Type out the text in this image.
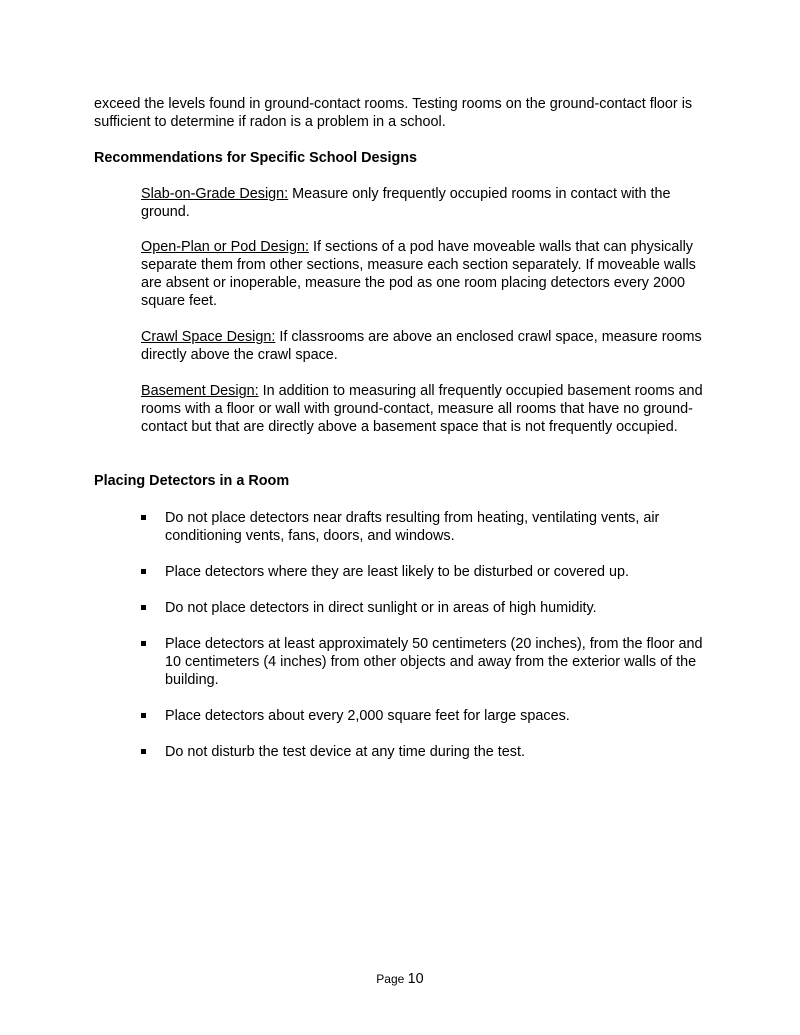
exceed the levels found in ground-contact rooms. Testing rooms on the ground-contact floor is sufficient to determine if radon is a problem in a school.

Recommendations for Specific School Designs

Slab-on-Grade Design: Measure only frequently occupied rooms in contact with the ground.

Open-Plan or Pod Design: If sections of a pod have moveable walls that can physically separate them from other sections, measure each section separately. If moveable walls are absent or inoperable, measure the pod as one room placing detectors every 2000 square feet.

Crawl Space Design: If classrooms are above an enclosed crawl space, measure rooms directly above the crawl space.

Basement Design: In addition to measuring all frequently occupied basement rooms and rooms with a floor or wall with ground-contact, measure all rooms that have no ground-contact but that are directly above a basement space that is not frequently occupied.

Placing Detectors in a Room

Do not place detectors near drafts resulting from heating, ventilating vents, air conditioning vents, fans, doors, and windows.
Place detectors where they are least likely to be disturbed or covered up.
Do not place detectors in direct sunlight or in areas of high humidity.
Place detectors at least approximately 50 centimeters (20 inches), from the floor and 10 centimeters (4 inches) from other objects and away from the exterior walls of the building.
Place detectors about every 2,000 square feet for large spaces.
Do not disturb the test device at any time during the test.
Page 10
